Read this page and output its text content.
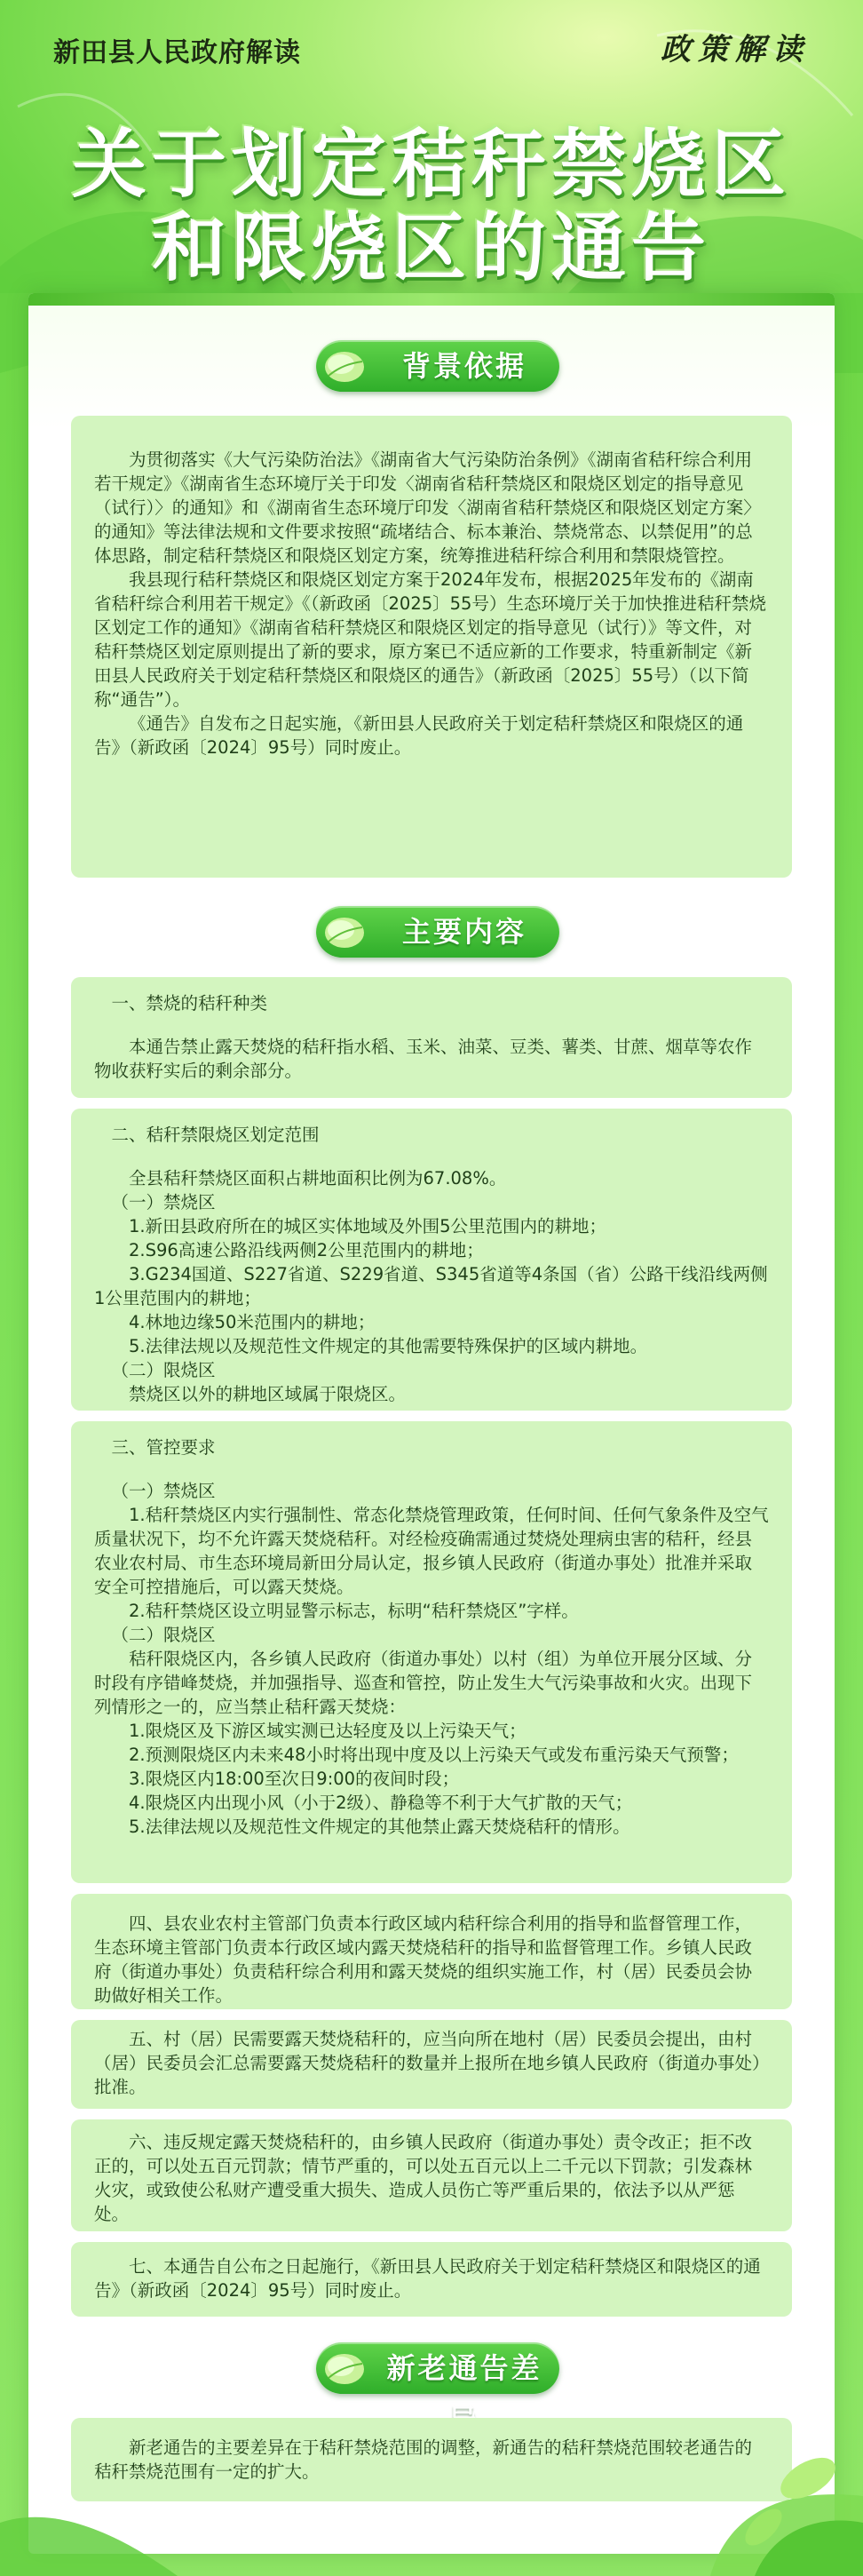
新田县人民政府解读	政策解读
关于划定秸秆禁烧区
和限烧区的通告
背景依据
为贯彻落实《大气污染防治法》《湖南省大气污染防治条例》《湖南省秸秆综合利用若干规定》《湖南省生态环境厅关于印发〈湖南省秸秆禁烧区和限烧区划定的指导意见（试行）〉的通知》和《湖南省生态环境厅印发〈湖南省秸秆禁烧区和限烧区划定方案〉的通知》等法律法规和文件要求按照“疏堵结合、标本兼治、禁烧常态、以禁促用”的总体思路，制定秸秆禁烧区和限烧区划定方案，统筹推进秸秆综合利用和禁限烧管控。
我县现行秸秆禁烧区和限烧区划定方案于2024年发布，根据2025年发布的《湖南省秸秆综合利用若干规定》《（新政函〔2025〕55号）生态环境厅关于加快推进秸秆禁烧区划定工作的通知》《湖南省秸秆禁烧区和限烧区划定的指导意见（试行）》等文件，对秸秆禁烧区划定原则提出了新的要求，原方案已不适应新的工作要求，特重新制定《新田县人民政府关于划定秸秆禁烧区和限烧区的通告》（新政函〔2025〕55号）（以下简称“通告”）。
《通告》自发布之日起实施，《新田县人民政府关于划定秸秆禁烧区和限烧区的通告》（新政函〔2024〕95号）同时废止。
主要内容
一、禁烧的秸秆种类
本通告禁止露天焚烧的秸秆指水稻、玉米、油菜、豆类、薯类、甘蔗、烟草等农作物收获籽实后的剩余部分。
二、秸秆禁限烧区划定范围
全县秸秆禁烧区面积占耕地面积比例为67.08%。
（一）禁烧区
1.新田县政府所在的城区实体地域及外围5公里范围内的耕地；
2.S96高速公路沿线两侧2公里范围内的耕地；
3.G234国道、S227省道、S229省道、S345省道等4条国（省）公路干线沿线两侧1公里范围内的耕地；
4.林地边缘50米范围内的耕地；
5.法律法规以及规范性文件规定的其他需要特殊保护的区域内耕地。
（二）限烧区
禁烧区以外的耕地区域属于限烧区。
三、管控要求
（一）禁烧区
1.秸秆禁烧区内实行强制性、常态化禁烧管理政策，任何时间、任何气象条件及空气质量状况下，均不允许露天焚烧秸秆。对经检疫确需通过焚烧处理病虫害的秸秆，经县农业农村局、市生态环境局新田分局认定，报乡镇人民政府（街道办事处）批准并采取安全可控措施后，可以露天焚烧。
2.秸秆禁烧区设立明显警示标志，标明“秸秆禁烧区”字样。
（二）限烧区
秸秆限烧区内，各乡镇人民政府（街道办事处）以村（组）为单位开展分区域、分时段有序错峰焚烧，并加强指导、巡查和管控，防止发生大气污染事故和火灾。出现下列情形之一的，应当禁止秸秆露天焚烧：
1.限烧区及下游区域实测已达轻度及以上污染天气；
2.预测限烧区内未来48小时将出现中度及以上污染天气或发布重污染天气预警；
3.限烧区内18:00至次日9:00的夜间时段；
4.限烧区内出现小风（小于2级）、静稳等不利于大气扩散的天气；
5.法律法规以及规范性文件规定的其他禁止露天焚烧秸秆的情形。
四、县农业农村主管部门负责本行政区域内秸秆综合利用的指导和监督管理工作，生态环境主管部门负责本行政区域内露天焚烧秸秆的指导和监督管理工作。乡镇人民政府（街道办事处）负责秸秆综合利用和露天焚烧的组织实施工作，村（居）民委员会协助做好相关工作。
五、村（居）民需要露天焚烧秸秆的，应当向所在地村（居）民委员会提出，由村（居）民委员会汇总需要露天焚烧秸秆的数量并上报所在地乡镇人民政府（街道办事处）批准。
六、违反规定露天焚烧秸秆的，由乡镇人民政府（街道办事处）责令改正；拒不改正的，可以处五百元罚款；情节严重的，可以处五百元以上二千元以下罚款；引发森林火灾，或致使公私财产遭受重大损失、造成人员伤亡等严重后果的，依法予以从严惩处。
七、本通告自公布之日起施行，《新田县人民政府关于划定秸秆禁烧区和限烧区的通告》（新政函〔2024〕95号）同时废止。
新老通告差
新老通告的主要差异在于秸秆禁烧范围的调整，新通告的秸秆禁烧范围较老通告的秸秆禁烧范围有一定的扩大。
